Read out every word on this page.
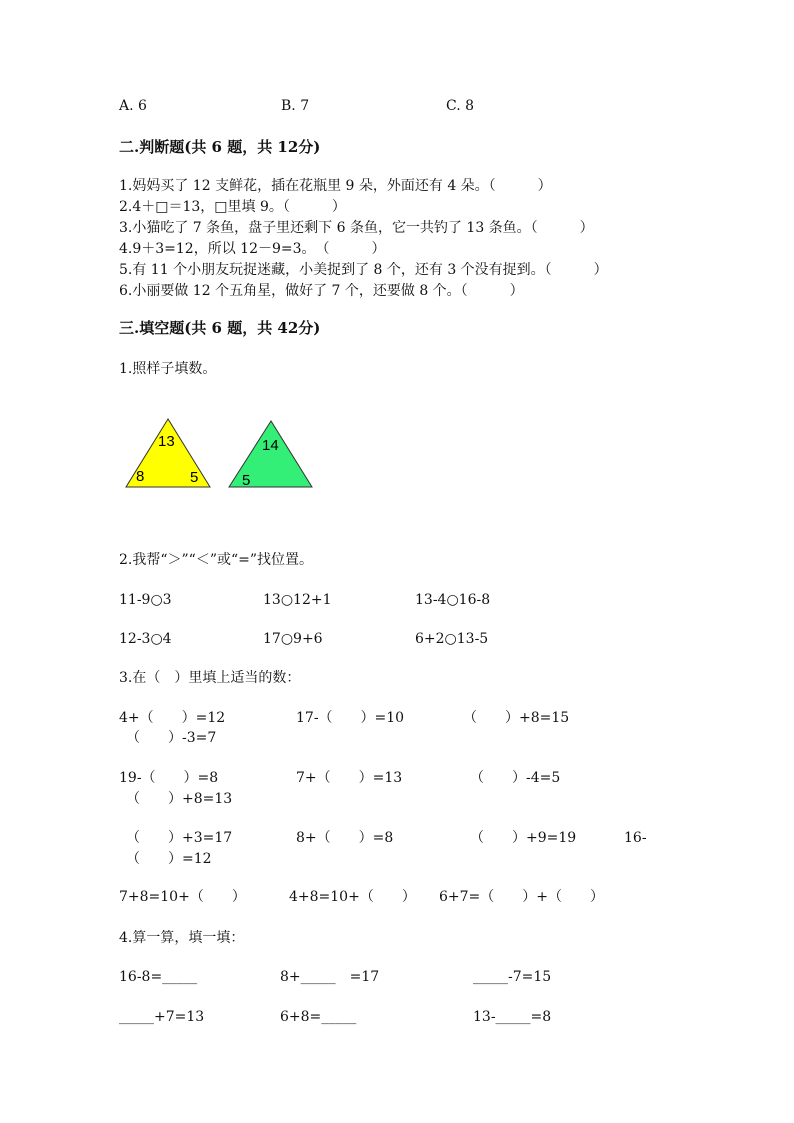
A. 6	B. 7	C. 8
二.判断题(共 6 题，共 12分)
1.妈妈买了 12 支鲜花，插在花瓶里 9 朵，外面还有 4 朵。（　　　）
2.4＋□＝13，□里填 9。（　　　）
3.小猫吃了 7 条鱼，盘子里还剩下 6 条鱼，它一共钓了 13 条鱼。（　　　）
4.9＋3=12，所以 12－9=3。　（　　　）
5.有 11 个小朋友玩捉迷藏，小美捉到了 8 个，还有 3 个没有捉到。（　　　）
6.小丽要做 12 个五角星，做好了 7 个，还要做 8 个。（　　　）
三.填空题(共 6 题，共 42分)
1.照样子填数。
13
8	5
14
5
2.我帮“＞”“＜”或“=”找位置。
11-9○3	13○12+1	13-4○16-8
12-3○4	17○9+6	6+2○13-5
3.在（　）里填上适当的数：
4+（　　）=12	17-（　　）=10	（　　）+8=15
（　　）-3=7
19-（　　）=8	7+（　　）=13	（　　）-4=5
（　　）+8=13
（　　）+3=17	8+（　　）=8	（　　）+9=19	16-
（　　）=12
7+8=10+（　　）	4+8=10+（　　） 6+7=（　　）+（　　）
4.算一算，填一填：
16-8=_____	8+_____　=17	_____-7=15
_____+7=13	6+8=_____	13-_____=8
